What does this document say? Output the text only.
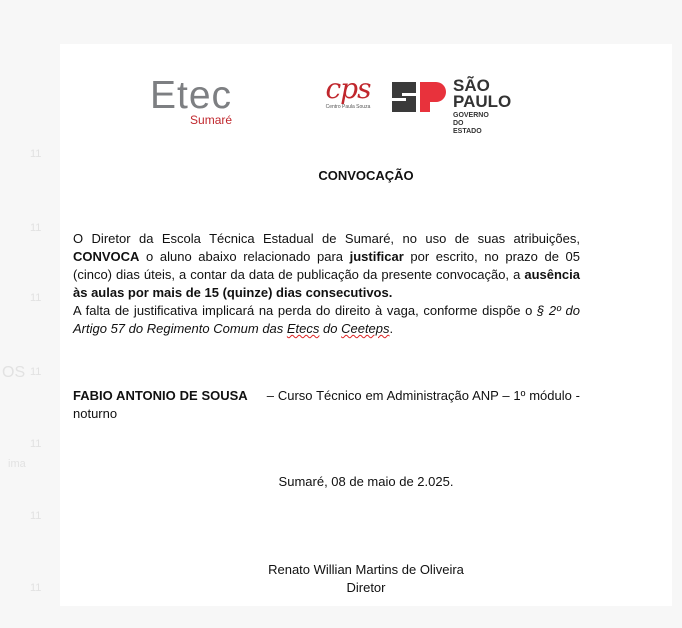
11
11
11
OS 11
11
ima
11
11
Etec
Sumaré
cps
Centro Paula Souza
SÃO
PAULO
GOVERNO
DO ESTADO
CONVOCAÇÃO

O Diretor da Escola Técnica Estadual de Sumaré, no uso de suas atribuições, CONVOCA o aluno abaixo relacionado para justificar por escrito, no prazo de 05 (cinco) dias úteis, a contar da data de publicação da presente convocação, a ausência às aulas por mais de 15 (quinze) dias consecutivos.

A falta de justificativa implicará na perda do direito à vaga, conforme dispõe o § 2º do Artigo 57 do Regimento Comum das Etecs do Ceeteps.

FABIO ANTONIO DE SOUSA – Curso Técnico em Administração ANP – 1º módulo - noturno
Sumaré, 08 de maio de 2.025.
Renato Willian Martins de Oliveira
Diretor
